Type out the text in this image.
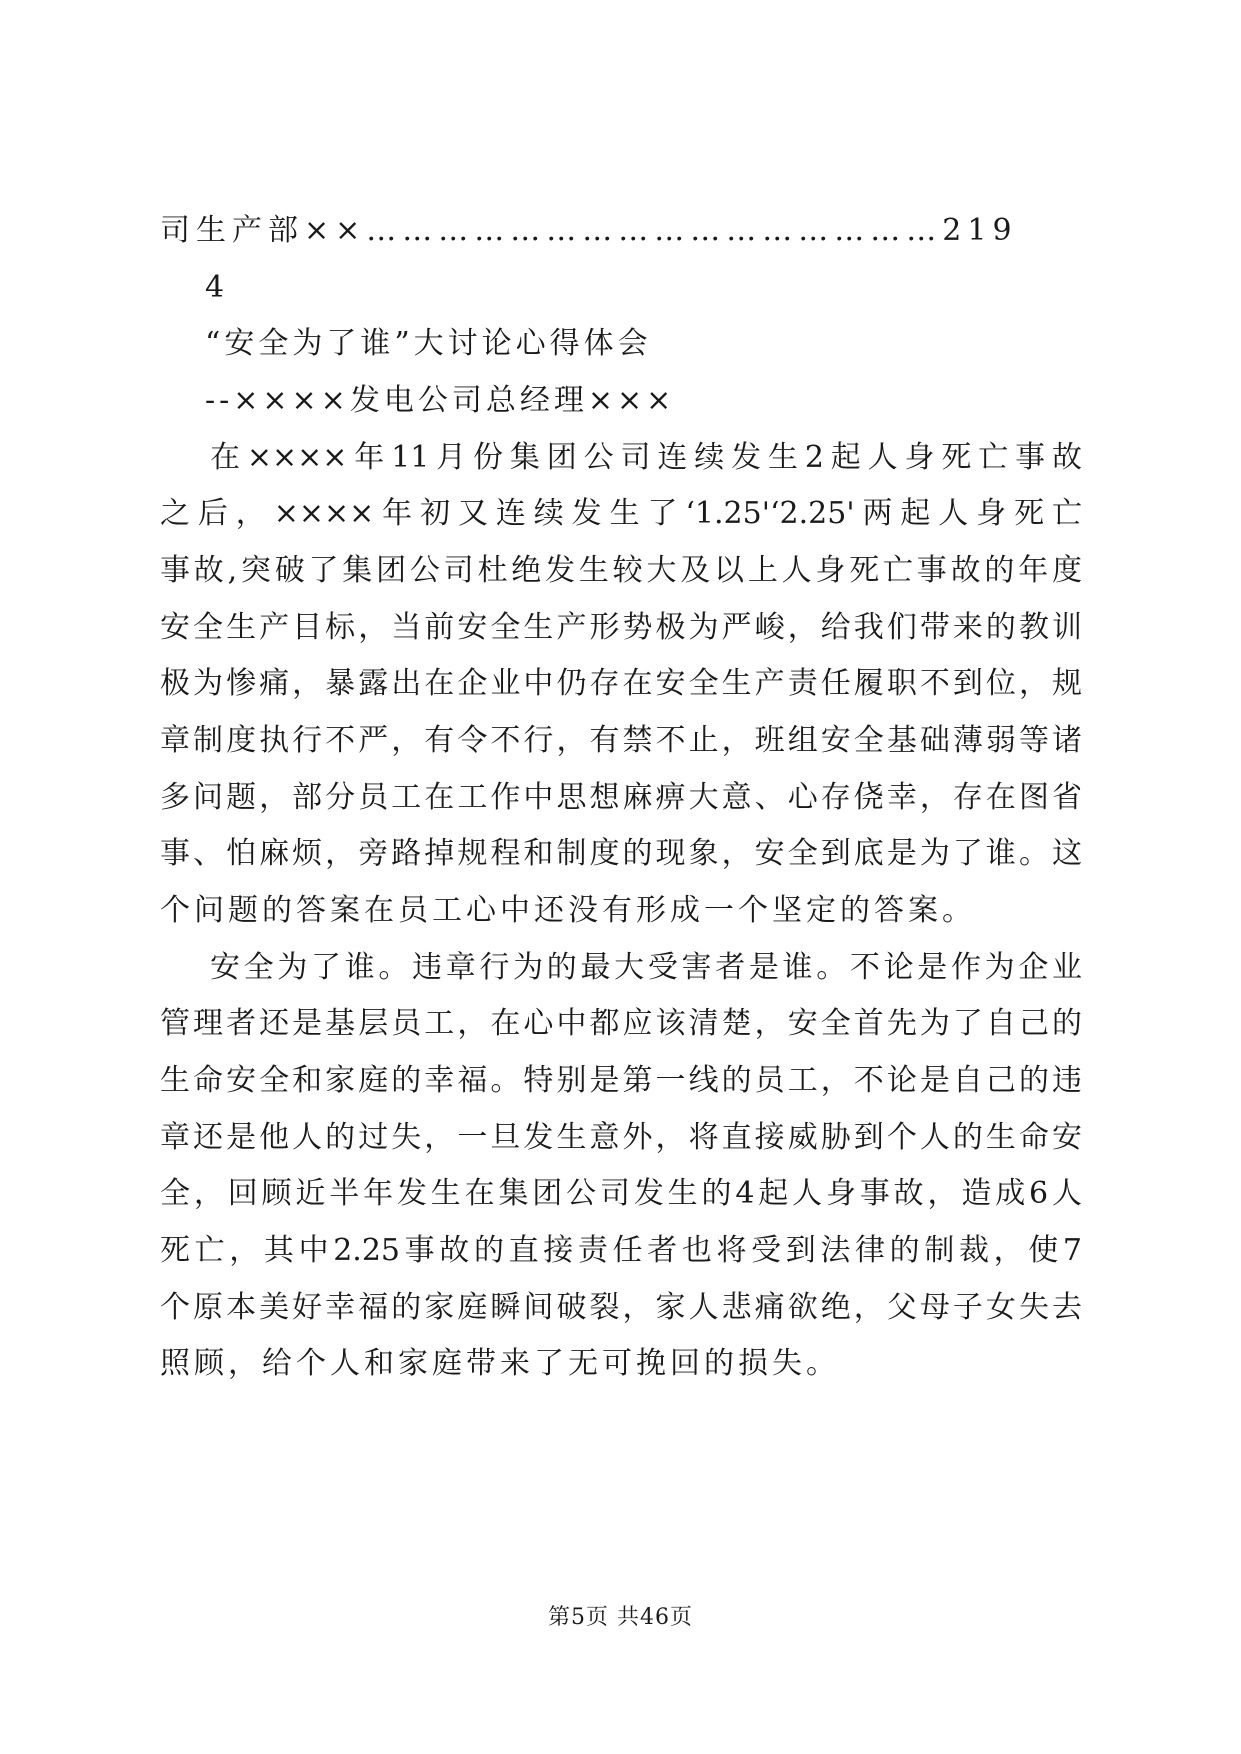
司生产部××…………………………………………219
4
“安全为了谁”大讨论心得体会
--××××发电公司总经理×××
在××××年11月份集团公司连续发生2起人身死亡事故
之后，××××年初又连续发生了‘1.25'‘2.25'两起人身死亡
事故,突破了集团公司杜绝发生较大及以上人身死亡事故的年度
安全生产目标，当前安全生产形势极为严峻，给我们带来的教训
极为惨痛，暴露出在企业中仍存在安全生产责任履职不到位，规
章制度执行不严，有令不行，有禁不止，班组安全基础薄弱等诸
多问题，部分员工在工作中思想麻痹大意、心存侥幸，存在图省
事、怕麻烦，旁路掉规程和制度的现象，安全到底是为了谁。这
个问题的答案在员工心中还没有形成一个坚定的答案。
安全为了谁。违章行为的最大受害者是谁。不论是作为企业
管理者还是基层员工，在心中都应该清楚，安全首先为了自己的
生命安全和家庭的幸福。特别是第一线的员工，不论是自己的违
章还是他人的过失，一旦发生意外，将直接威胁到个人的生命安
全，回顾近半年发生在集团公司发生的4起人身事故，造成6人
死亡，其中2.25事故的直接责任者也将受到法律的制裁，使7
个原本美好幸福的家庭瞬间破裂，家人悲痛欲绝，父母子女失去
照顾，给个人和家庭带来了无可挽回的损失。
第5页 共46页
